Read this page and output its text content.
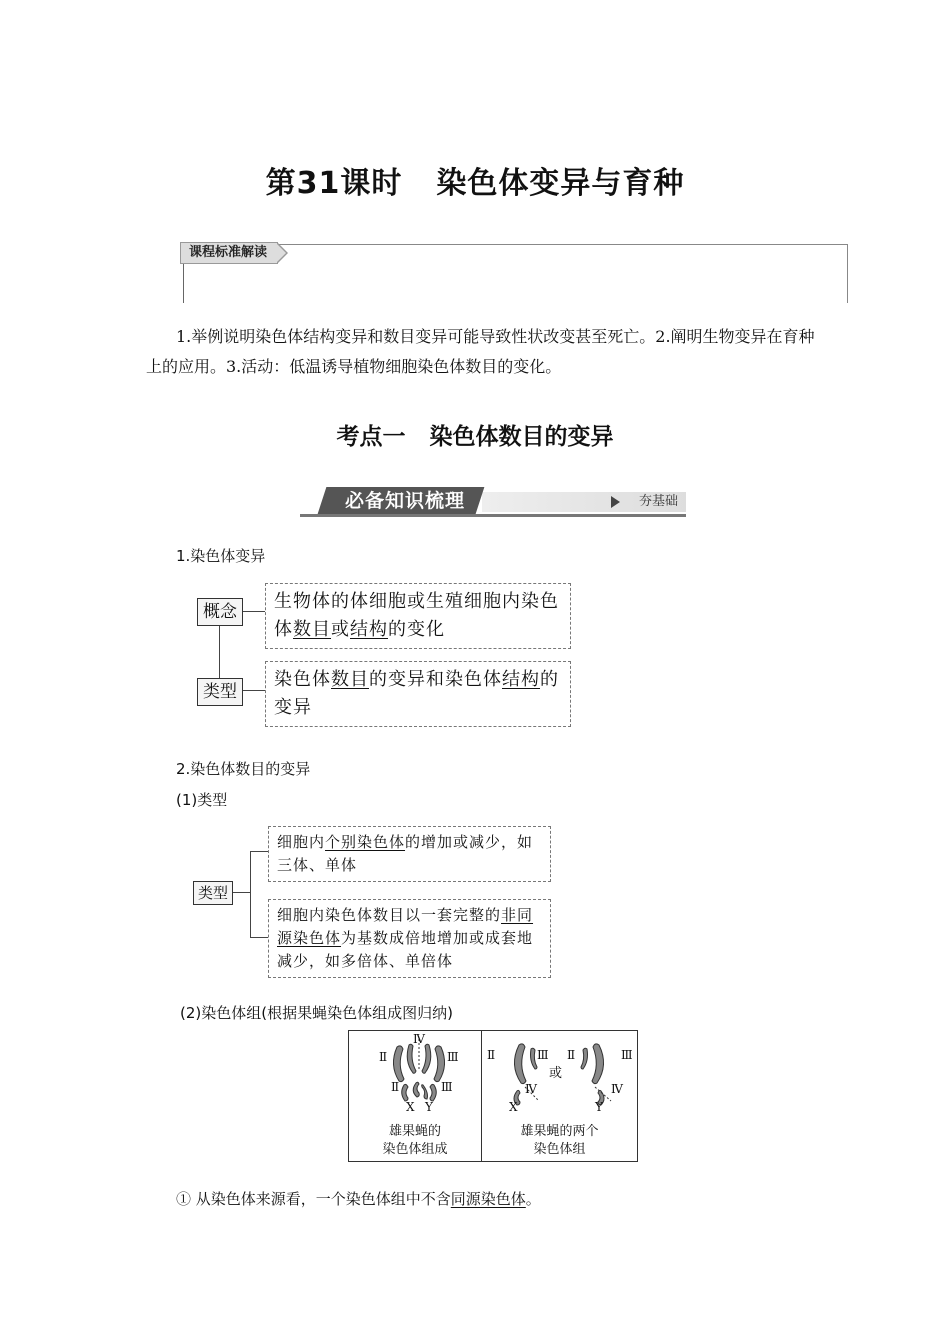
第31课时 染色体变异与育种
课程标准解读
1.举例说明染色体结构变异和数目变异可能导致性状改变甚至死亡。2.阐明生物变异在育种上的应用。3.活动：低温诱导植物细胞染色体数目的变化。
考点一 染色体数目的变异
必备知识梳理	夯基础
1.染色体变异
概念
类型
生物体的体细胞或生殖细胞内染色体数目或结构的变化
染色体数目的变异和染色体结构的变异
2.染色体数目的变异
(1)类型
类型
细胞内个别染色体的增加或减少，如三体、单体
细胞内染色体数目以一套完整的非同源染色体为基数成倍地增加或成套地减少，如多倍体、单倍体
(2)染色体组(根据果蝇染色体组成图归纳)
Ⅳ
Ⅱ	Ⅲ
Ⅱ	Ⅲ
X Y
Ⅱ	Ⅲ
Ⅳ
X
Ⅱ	Ⅲ
Ⅳ
Y
或
雄果蝇的
染色体组成
雄果蝇的两个
染色体组
① 从染色体来源看，一个染色体组中不含同源染色体。
